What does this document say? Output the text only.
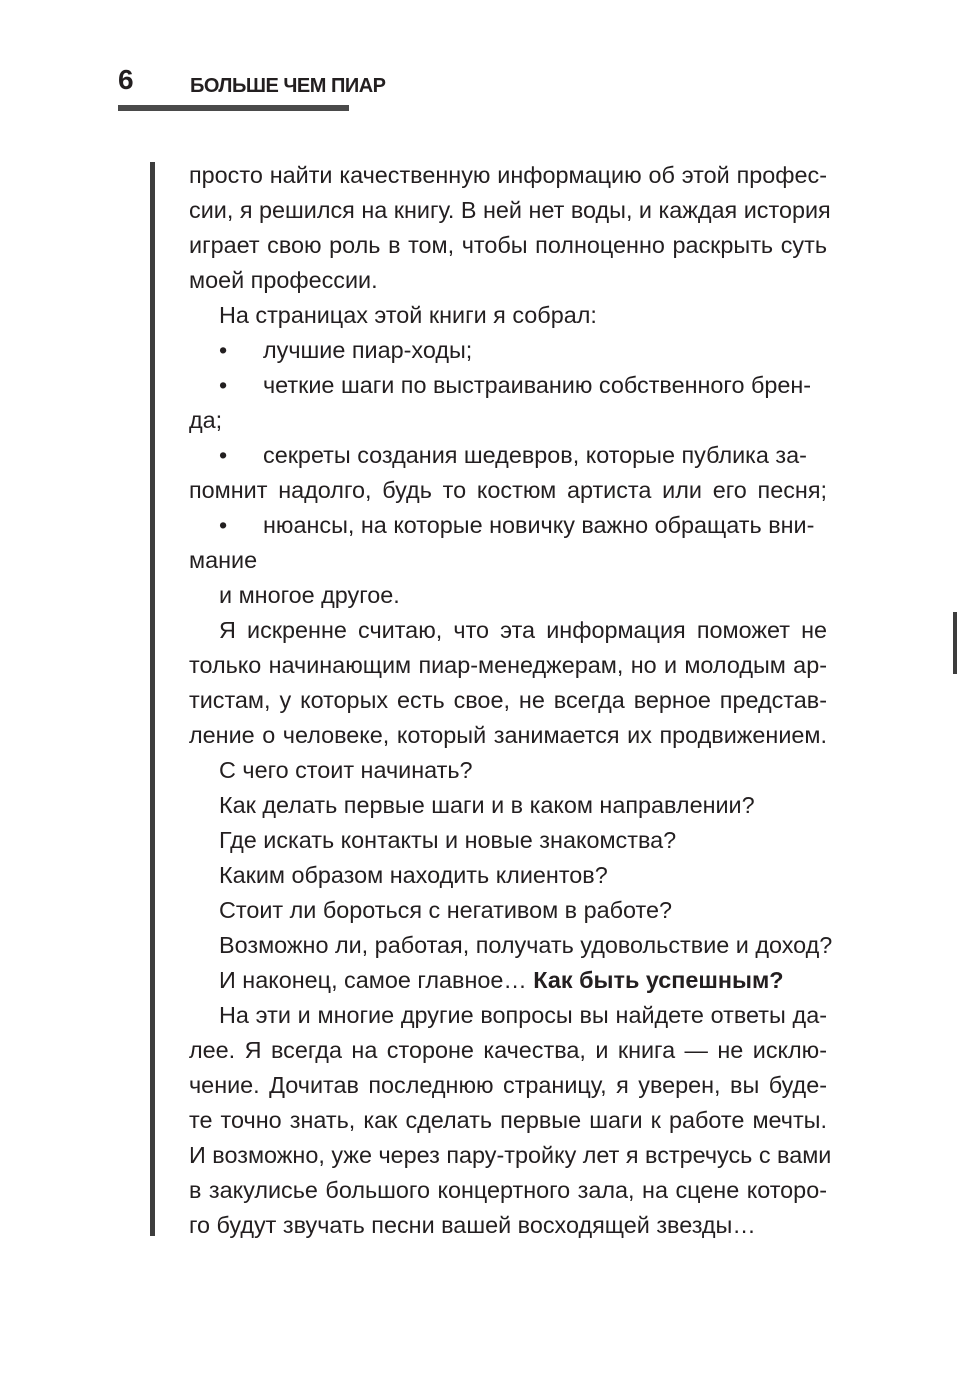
6	БОЛЬШЕ ЧЕМ ПИАР
просто найти качественную информацию об этой профес-
сии, я решился на книгу. В ней нет воды, и каждая история
играет свою роль в том, чтобы полноценно раскрыть суть
моей профессии.
На страницах этой книги я собрал:
• лучшие пиар-ходы;
• четкие шаги по выстраиванию собственного брен-
да;
• секреты создания шедевров, которые публика за-
помнит надолго, будь то костюм артиста или его песня;
• нюансы, на которые новичку важно обращать вни-
мание
и многое другое.
Я искренне считаю, что эта информация поможет не
только начинающим пиар-менеджерам, но и молодым ар-
тистам, у которых есть свое, не всегда верное представ-
ление о человеке, который занимается их продвижением.
С чего стоит начинать?
Как делать первые шаги и в каком направлении?
Где искать контакты и новые знакомства?
Каким образом находить клиентов?
Стоит ли бороться с негативом в работе?
Возможно ли, работая, получать удовольствие и доход?
И наконец, самое главное… Как быть успешным?
На эти и многие другие вопросы вы найдете ответы да-
лее. Я всегда на стороне качества, и книга — не исклю-
чение. Дочитав последнюю страницу, я уверен, вы буде-
те точно знать, как сделать первые шаги к работе мечты.
И возможно, уже через пару-тройку лет я встречусь с вами
в закулисье большого концертного зала, на сцене которо-
го будут звучать песни вашей восходящей звезды…
